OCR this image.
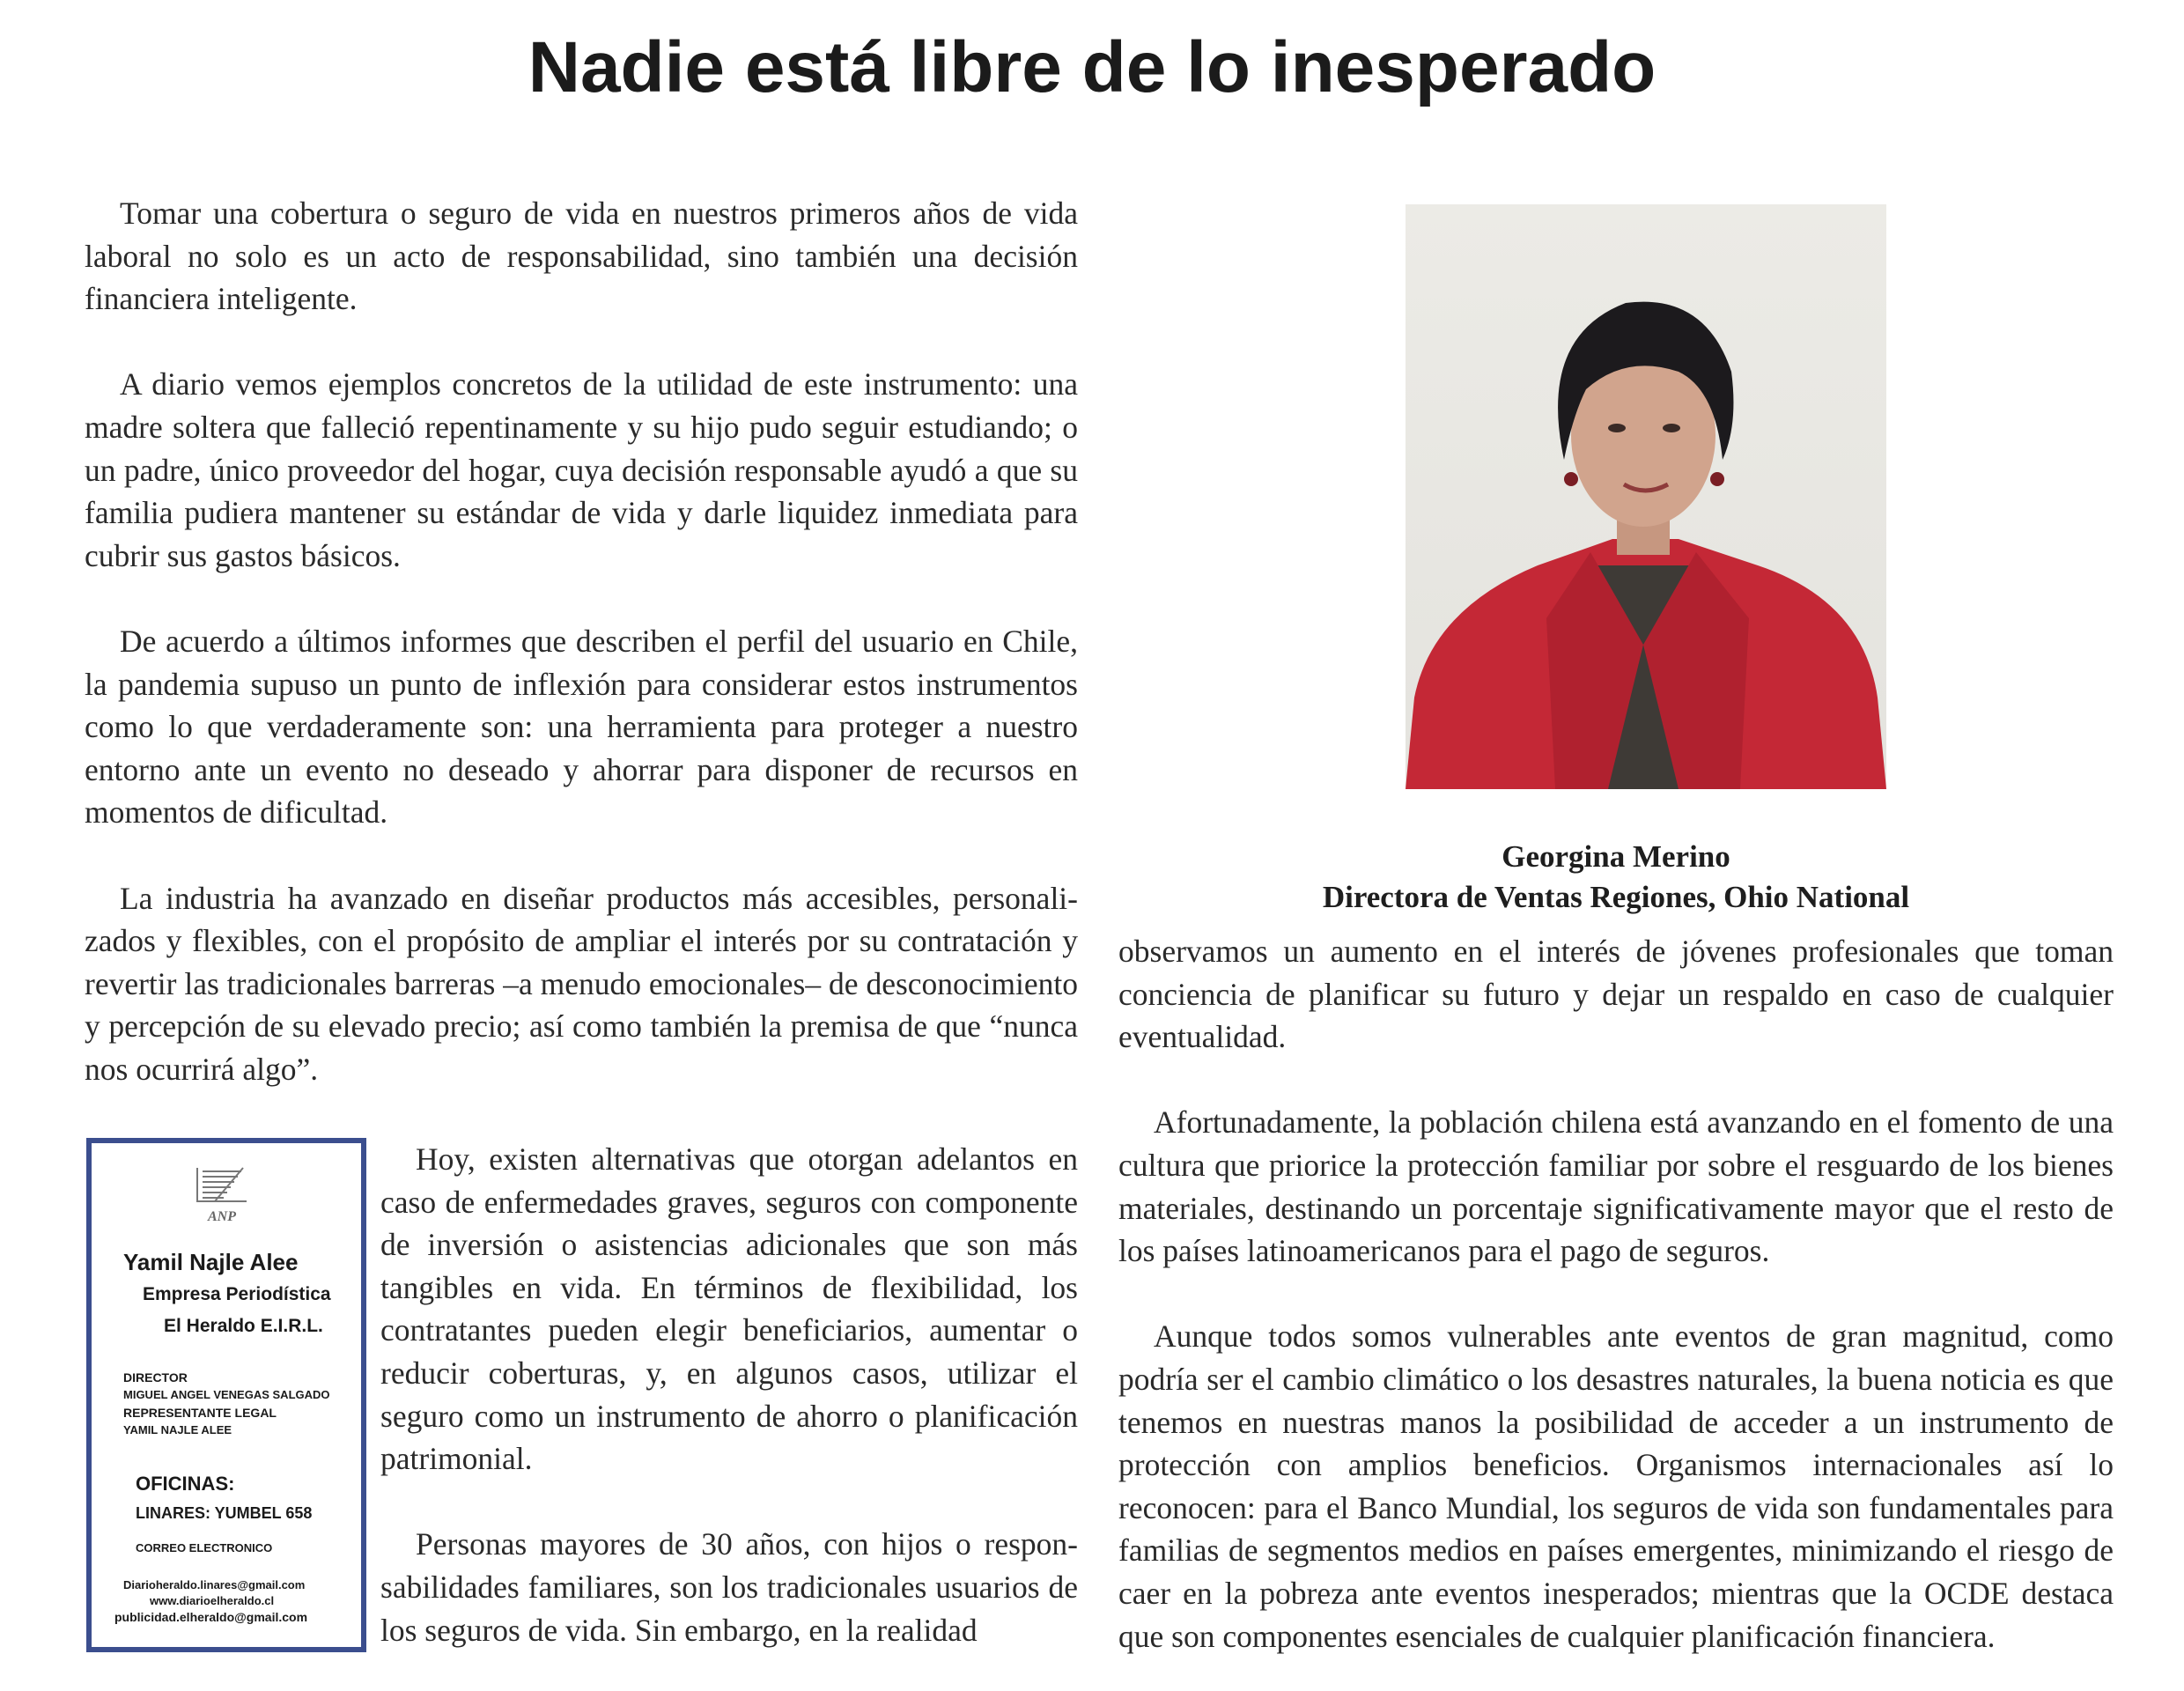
Nadie está libre de lo inesperado

Tomar una cobertura o seguro de vida en nuestros primeros años de vida laboral no solo es un acto de responsabilidad, sino también una decisión financiera inteligente.

A diario vemos ejemplos concretos de la utilidad de este instrumento: una madre soltera que falleció repentinamente y su hijo pudo seguir estudiando; o un padre, único proveedor del hogar, cuya decisión responsable ayudó a que su familia pudiera mantener su estándar de vida y darle liquidez inmediata para cubrir sus gastos básicos.

De acuerdo a últimos informes que describen el perfil del usuario en Chile, la pandemia supuso un punto de inflexión para considerar estos instrumentos como lo que verdaderamente son: una herramienta para proteger a nuestro entorno ante un evento no deseado y ahorrar para disponer de recursos en momentos de dificultad.

La industria ha avanzado en diseñar productos más accesibles, personalizados y flexibles, con el propósito de ampliar el interés por su contratación y revertir las tradicionales barreras –a menudo emocionales– de desconocimiento y percepción de su elevado precio; así como también la premisa de que “nunca nos ocurrirá algo”.

ANP
Yamil Najle Alee
Empresa Periodística
El Heraldo E.I.R.L.
DIRECTOR
MIGUEL ANGEL VENEGAS SALGADO
REPRESENTANTE LEGAL
YAMIL NAJLE ALEE
OFICINAS:
LINARES: YUMBEL 658
CORREO ELECTRONICO
Diarioheraldo.linares@gmail.com
www.diarioelheraldo.cl
publicidad.elheraldo@gmail.com

Hoy, existen alternativas que otorgan adelantos en caso de enfermedades graves, seguros con componente de inversión o asistencias adicionales que son más tangibles en vida. En términos de flexibilidad, los contratantes pueden elegir beneficiarios, aumentar o reducir coberturas, y, en algunos casos, utilizar el seguro como un instrumento de ahorro o planificación patrimonial.

Personas mayores de 30 años, con hijos o responsabilidades familiares, son los tradicionales usuarios de los seguros de vida. Sin embargo, en la realidad

Georgina Merino
Directora de Ventas Regiones, Ohio National

observamos un aumento en el interés de jóvenes profesionales que toman conciencia de planificar su futuro y dejar un respaldo en caso de cualquier eventualidad.

Afortunadamente, la población chilena está avanzando en el fomento de una cultura que priorice la protección familiar por sobre el resguardo de los bienes materiales, destinando un porcentaje significativamente mayor que el resto de los países latinoamericanos para el pago de seguros.

Aunque todos somos vulnerables ante eventos de gran magnitud, como podría ser el cambio climático o los desastres naturales, la buena noticia es que tenemos en nuestras manos la posibilidad de acceder a un instrumento de protección con amplios beneficios. Organismos internacionales así lo reconocen: para el Banco Mundial, los seguros de vida son fundamentales para familias de segmentos medios en países emergentes, minimizando el riesgo de caer en la pobreza ante eventos inesperados; mientras que la OCDE destaca que son componentes esenciales de cualquier planificación financiera.
